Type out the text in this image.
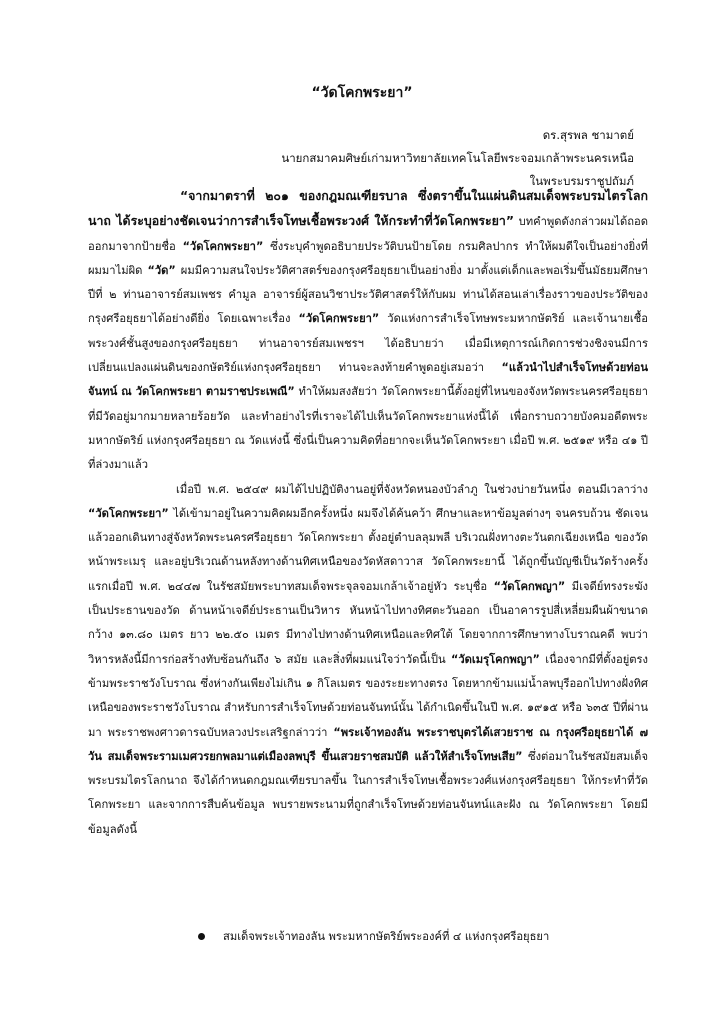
“วัดโคกพระยา”
ดร.สุรพล ชามาตย์
นายกสมาคมศิษย์เก่ามหาวิทยาลัยเทคโนโลยีพระจอมเกล้าพระนครเหนือ
ในพระบรมราชูปถัมภ์

“จากมาตราที่ ๒๐๑ ของกฎมณเฑียรบาล ซึ่งตราขึ้นในแผ่นดินสมเด็จพระบรมไตรโลกนาถ ได้ระบุอย่างชัดเจนว่าการสำเร็จโทษเชื้อพระวงศ์ ให้กระทำที่วัดโคกพระยา” บทคำพูดดังกล่าวผมได้ถอดออกมาจากป้ายชื่อ “วัดโคกพระยา” ซึ่งระบุคำพูดอธิบายประวัติบนป้ายโดย กรมศิลปากร ทำให้ผมดีใจเป็นอย่างยิ่งที่ผมมาไม่ผิด “วัด” ผมมีความสนใจประวัติศาสตร์ของกรุงศรีอยุธยาเป็นอย่างยิ่ง มาตั้งแต่เด็กและพอเริ่มขึ้นมัธยมศึกษาปีที่ ๒ ท่านอาจารย์สมเพชร คำมูล อาจารย์ผู้สอนวิชาประวัติศาสตร์ให้กับผม ท่านได้สอนเล่าเรื่องราวของประวัติของกรุงศรีอยุธยาได้อย่างดียิ่ง โดยเฉพาะเรื่อง “วัดโคกพระยา” วัดแห่งการสำเร็จโทษพระมหากษัตริย์ และเจ้านายเชื้อพระวงศ์ชั้นสูงของกรุงศรีอยุธยา ท่านอาจารย์สมเพชรฯ ได้อธิบายว่า เมื่อมีเหตุการณ์เกิดการช่วงชิงจนมีการเปลี่ยนแปลงแผ่นดินของกษัตริย์แห่งกรุงศรีอยุธยา ท่านจะลงท้ายคำพูดอยู่เสมอว่า “แล้วนำไปสำเร็จโทษด้วยท่อนจันทน์ ณ วัดโคกพระยา ตามราชประเพณี” ทำให้ผมสงสัยว่า วัดโคกพระยานี้ตั้งอยู่ที่ไหนของจังหวัดพระนครศรีอยุธยา ที่มีวัดอยู่มากมายหลายร้อยวัด และทำอย่างไรที่เราจะได้ไปเห็นวัดโคกพระยาแห่งนี้ได้ เพื่อกราบถวายบังคมอดีตพระมหากษัตริย์ แห่งกรุงศรีอยุธยา ณ วัดแห่งนี้ ซึ่งนี่เป็นความคิดที่อยากจะเห็นวัดโคกพระยา เมื่อปี พ.ศ. ๒๕๑๙ หรือ ๔๑ ปี ที่ล่วงมาแล้ว

เมื่อปี พ.ศ. ๒๕๔๙ ผมได้ไปปฏิบัติงานอยู่ที่จังหวัดหนองบัวลำภู ในช่วงบ่ายวันหนึ่ง ตอนมีเวลาว่าง “วัดโคกพระยา” ได้เข้ามาอยู่ในความคิดผมอีกครั้งหนึ่ง ผมจึงได้ค้นคว้า ศึกษาและหาข้อมูลต่างๆ จนครบถ้วน ชัดเจน แล้วออกเดินทางสู่จังหวัดพระนครศรีอยุธยา วัดโคกพระยา ตั้งอยู่ตำบลลุมพลี บริเวณฝั่งทางตะวันตกเฉียงเหนือ ของวัดหน้าพระเมรุ และอยู่บริเวณด้านหลังทางด้านทิศเหนือของวัดหัสดาวาส วัดโคกพระยานี้ ได้ถูกขึ้นบัญชีเป็นวัดร้างครั้งแรกเมื่อปี พ.ศ. ๒๔๔๗ ในรัชสมัยพระบาทสมเด็จพระจุลจอมเกล้าเจ้าอยู่หัว ระบุชื่อ “วัดโคกพญา” มีเจดีย์ทรงระฆังเป็นประธานของวัด ด้านหน้าเจดีย์ประธานเป็นวิหาร หันหน้าไปทางทิศตะวันออก เป็นอาคารรูปสี่เหลี่ยมผืนผ้าขนาดกว้าง ๑๓.๘๐ เมตร ยาว ๒๒.๕๐ เมตร มีทางไปทางด้านทิศเหนือและทิศใต้ โดยจากการศึกษาทางโบราณคดี พบว่าวิหารหลังนี้มีการก่อสร้างทับซ้อนกันถึง ๖ สมัย และสิ่งที่ผมแน่ใจว่าวัดนี้เป็น “วัดเมรุโคกพญา” เนื่องจากมีที่ตั้งอยู่ตรงข้ามพระราชวังโบราณ ซึ่งห่างกันเพียงไม่เกิน ๑ กิโลเมตร ของระยะทางตรง โดยหากข้ามแม่น้ำลพบุรีออกไปทางฝั่งทิศเหนือของพระราชวังโบราณ สำหรับการสำเร็จโทษด้วยท่อนจันทน์นั้น ได้กำเนิดขึ้นในปี พ.ศ. ๑๙๑๕ หรือ ๖๓๕ ปีที่ผ่านมา พระราชพงศาวดารฉบับหลวงประเสริฐกล่าวว่า “พระเจ้าทองลัน พระราชบุตรได้เสวยราช ณ กรุงศรีอยุธยาได้ ๗ วัน สมเด็จพระรามเมศวรยกพลมาแต่เมืองลพบุรี ขึ้นเสวยราชสมบัติ แล้วให้สำเร็จโทษเสีย” ซึ่งต่อมาในรัชสมัยสมเด็จพระบรมไตรโลกนาถ จึงได้กำหนดกฎมณเฑียรบาลขึ้น ในการสำเร็จโทษเชื้อพระวงศ์แห่งกรุงศรีอยุธยา ให้กระทำที่วัดโคกพระยา และจากการสืบค้นข้อมูล พบรายพระนามที่ถูกสำเร็จโทษด้วยท่อนจันทน์และฝัง ณ วัดโคกพระยา โดยมีข้อมูลดังนี้

สมเด็จพระเจ้าทองลัน พระมหากษัตริย์พระองค์ที่ ๔ แห่งกรุงศรีอยุธยา
